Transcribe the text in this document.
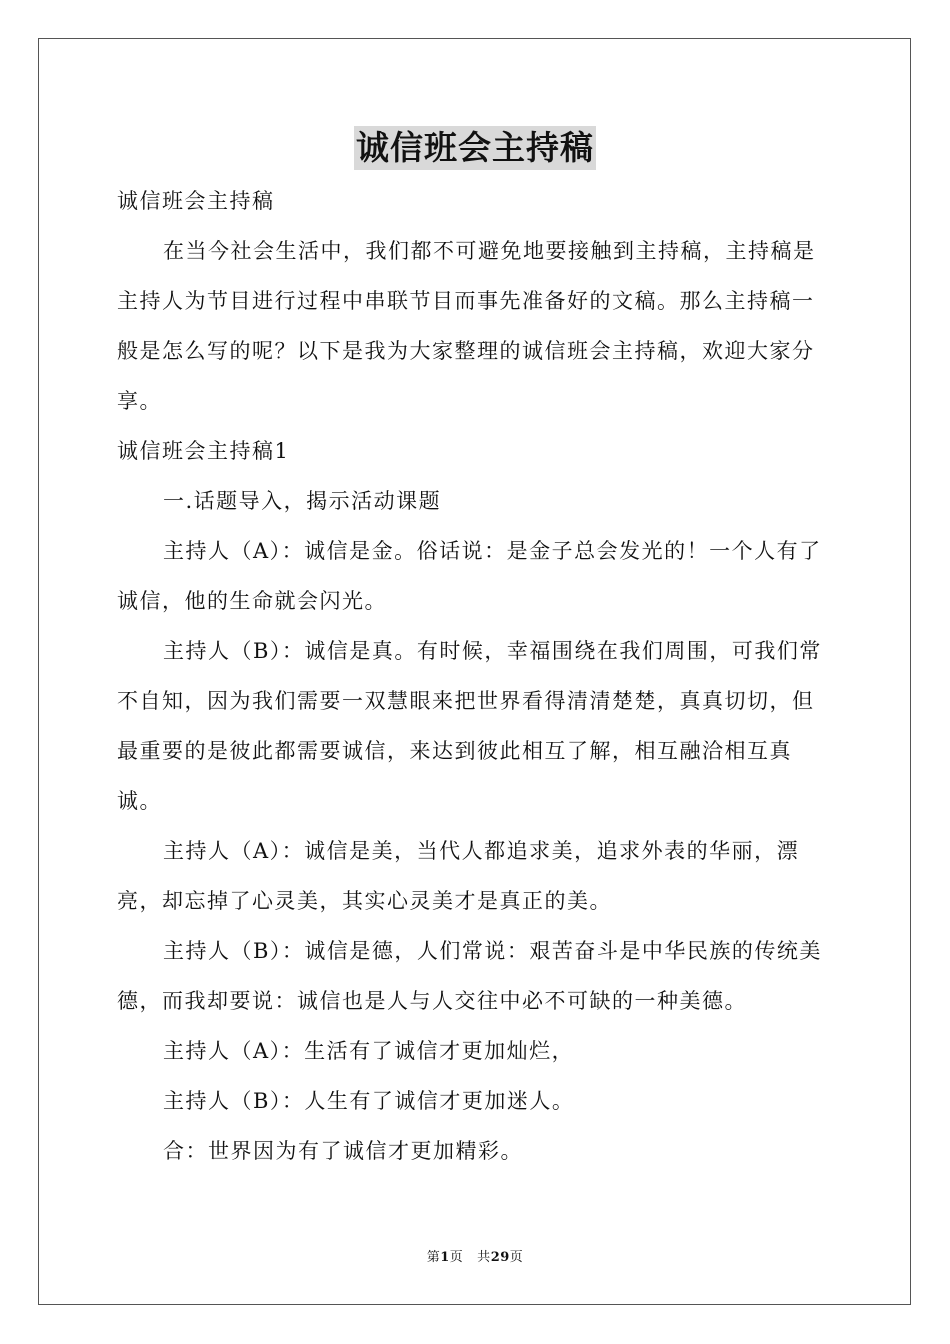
诚信班会主持稿

诚信班会主持稿

在当今社会生活中，我们都不可避免地要接触到主持稿，主持稿是主持人为节目进行过程中串联节目而事先准备好的文稿。那么主持稿一般是怎么写的呢？以下是我为大家整理的诚信班会主持稿，欢迎大家分享。

诚信班会主持稿1

一.话题导入，揭示活动课题

主持人（A）：诚信是金。俗话说：是金子总会发光的！一个人有了诚信，他的生命就会闪光。

主持人（B）：诚信是真。有时候，幸福围绕在我们周围，可我们常不自知，因为我们需要一双慧眼来把世界看得清清楚楚，真真切切，但最重要的是彼此都需要诚信，来达到彼此相互了解，相互融洽相互真诚。

主持人（A）：诚信是美，当代人都追求美，追求外表的华丽，漂亮，却忘掉了心灵美，其实心灵美才是真正的美。

主持人（B）：诚信是德，人们常说：艰苦奋斗是中华民族的传统美德，而我却要说：诚信也是人与人交往中必不可缺的一种美德。

主持人（A）：生活有了诚信才更加灿烂，

主持人（B）：人生有了诚信才更加迷人。

合：世界因为有了诚信才更加精彩。

第1页 共29页
